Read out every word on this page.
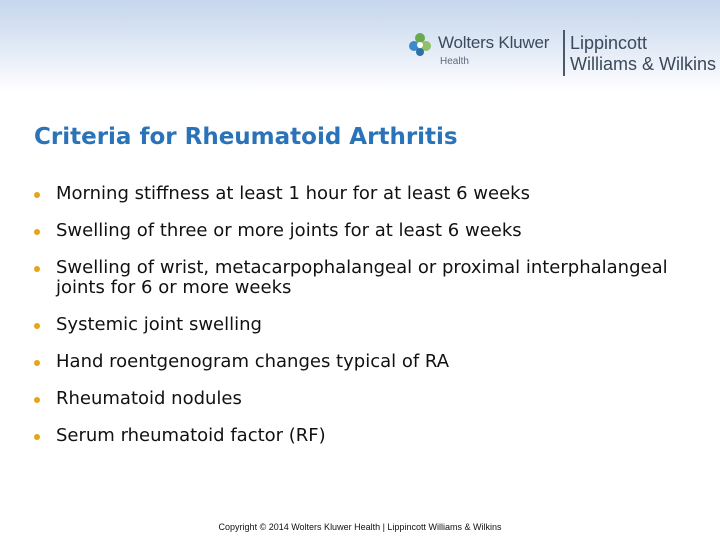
Wolters Kluwer
Health
Lippincott
Williams & Wilkins
Criteria for Rheumatoid Arthritis
Morning stiffness at least 1 hour for at least 6 weeks
Swelling of three or more joints for at least 6 weeks
Swelling of wrist, metacarpophalangeal or proximal interphalangeal joints for 6 or more weeks
Systemic joint swelling
Hand roentgenogram changes typical of RA
Rheumatoid nodules
Serum rheumatoid factor (RF)
Copyright © 2014 Wolters Kluwer Health | Lippincott Williams & Wilkins
